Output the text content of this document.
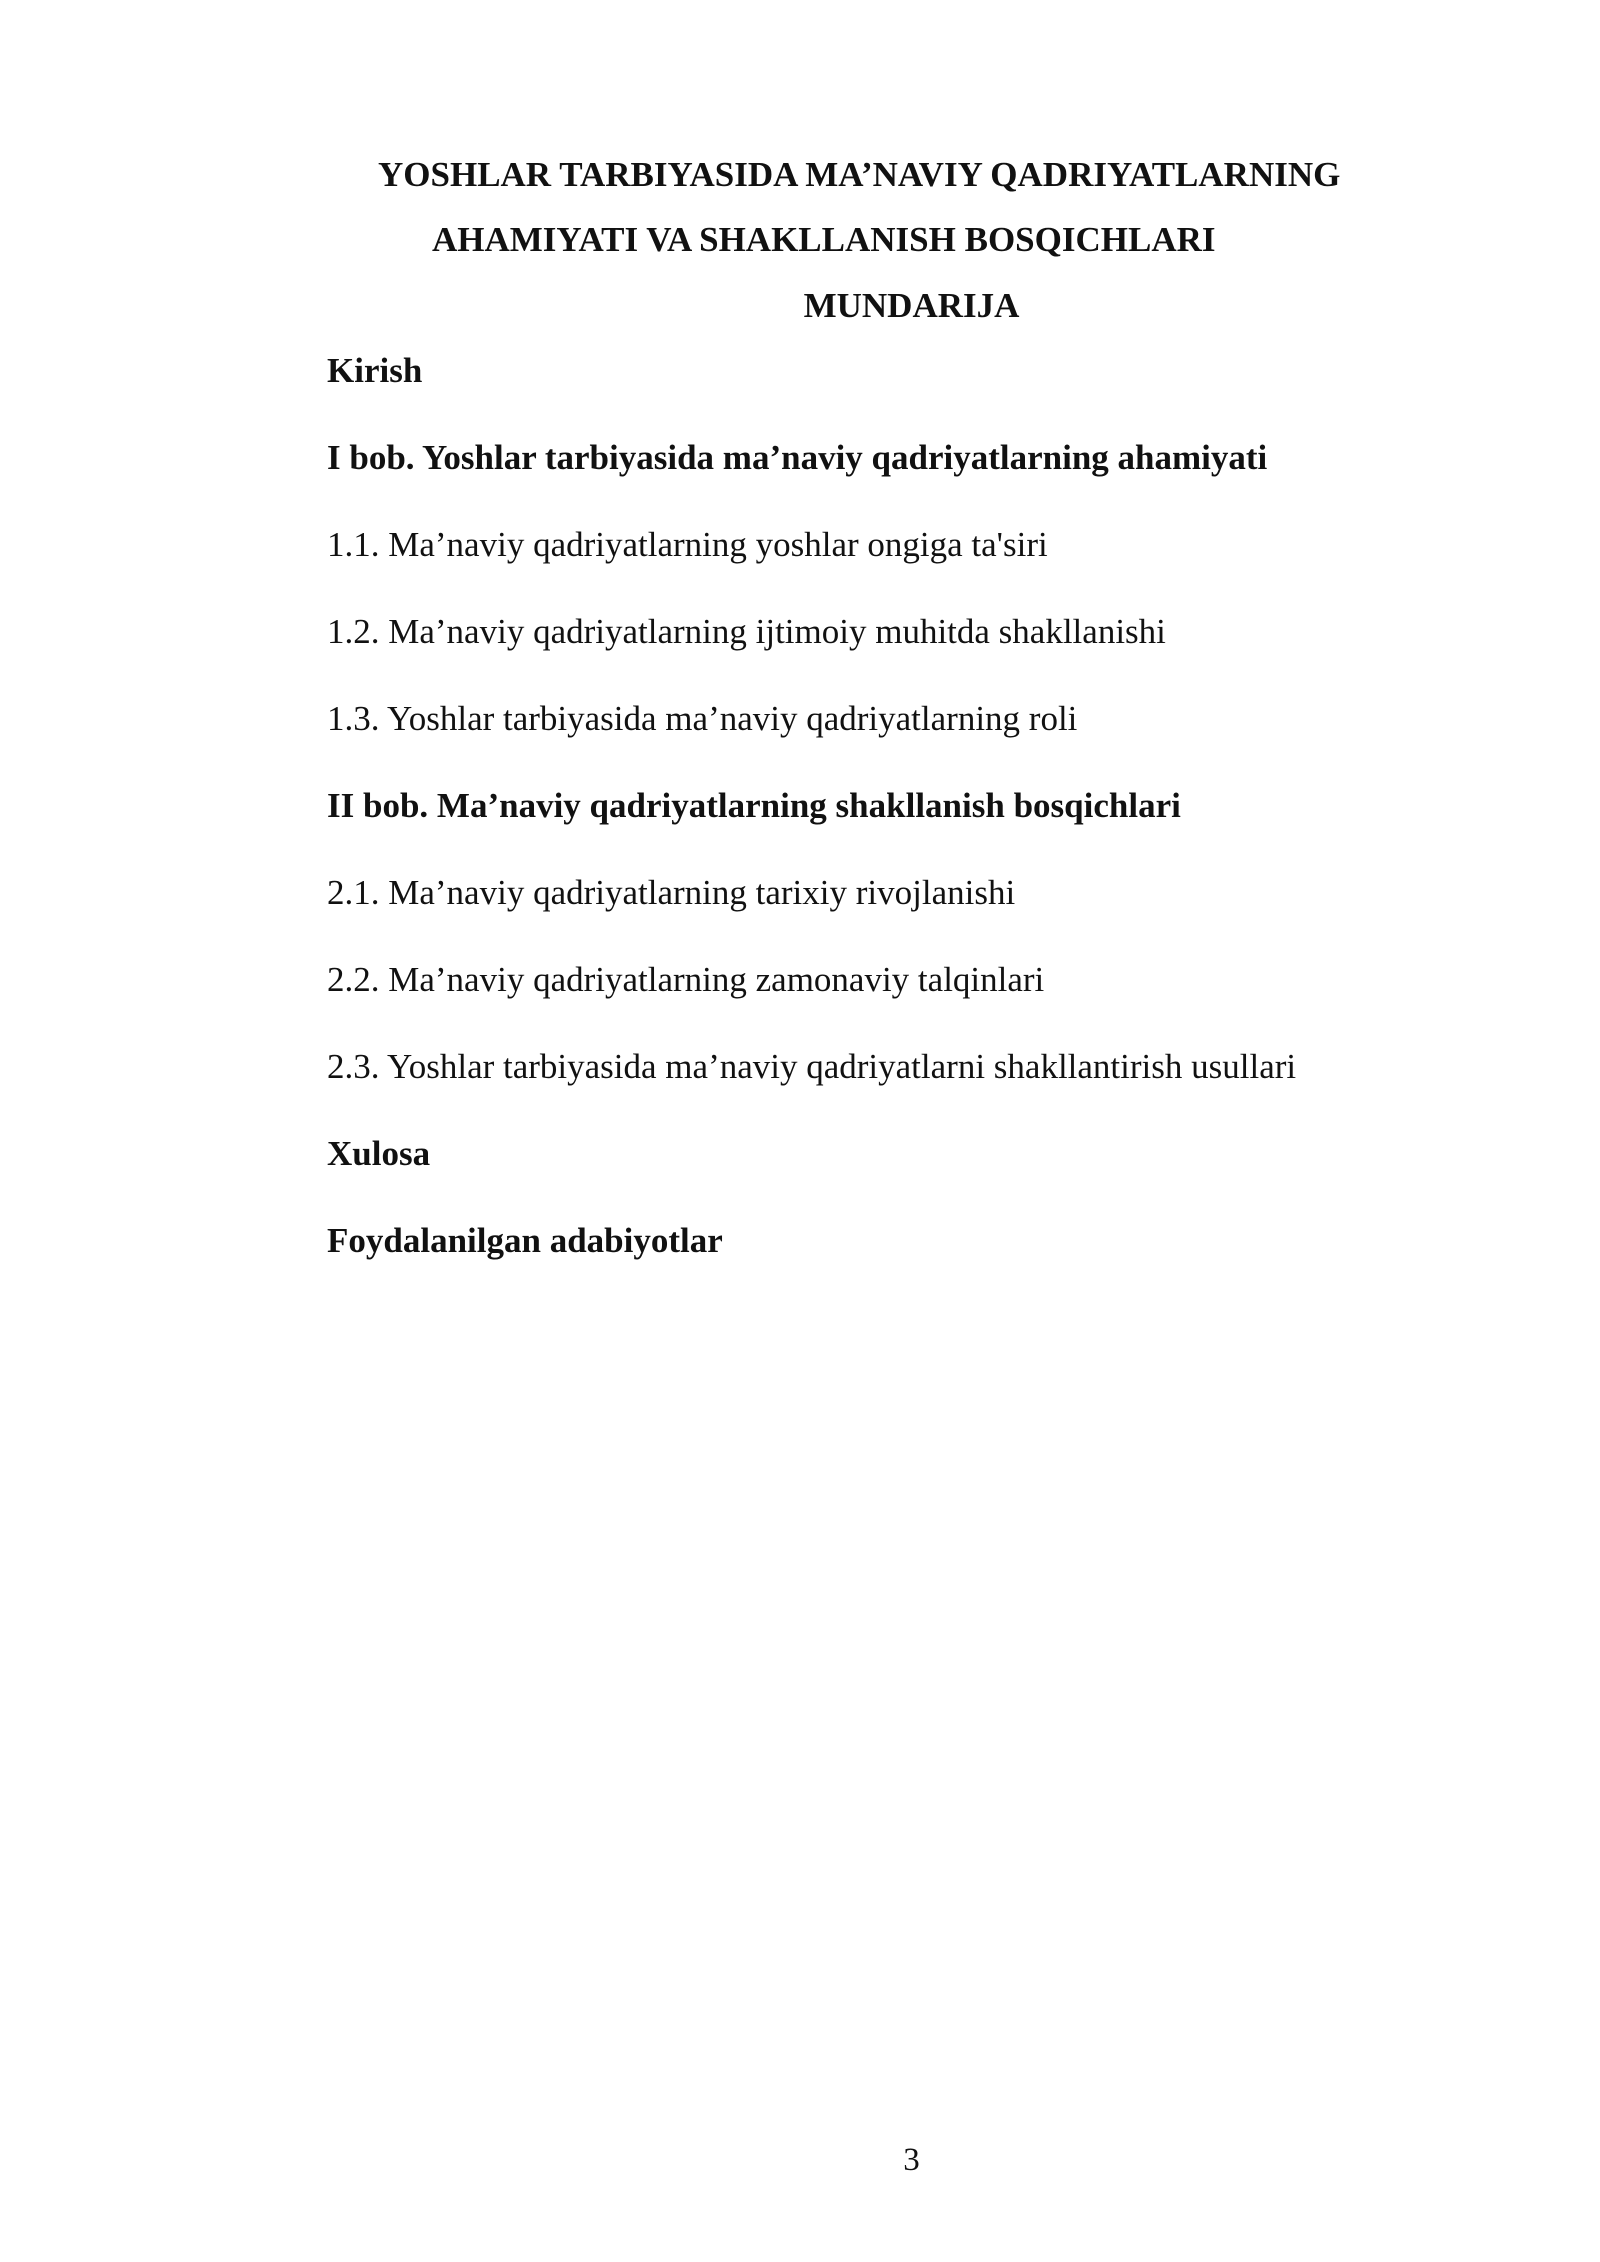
YOSHLAR TARBIYASIDA MA’NAVIY QADRIYATLARNING
AHAMIYATI VA SHAKLLANISH BOSQICHLARI
MUNDARIJA
Kirish
I bob. Yoshlar tarbiyasida ma’naviy qadriyatlarning ahamiyati
1.1. Ma’naviy qadriyatlarning yoshlar ongiga ta'siri
1.2. Ma’naviy qadriyatlarning ijtimoiy muhitda shakllanishi
1.3. Yoshlar tarbiyasida ma’naviy qadriyatlarning roli
II bob. Ma’naviy qadriyatlarning shakllanish bosqichlari
2.1. Ma’naviy qadriyatlarning tarixiy rivojlanishi
2.2. Ma’naviy qadriyatlarning zamonaviy talqinlari
2.3. Yoshlar tarbiyasida ma’naviy qadriyatlarni shakllantirish usullari
Xulosa
Foydalanilgan adabiyotlar
3
